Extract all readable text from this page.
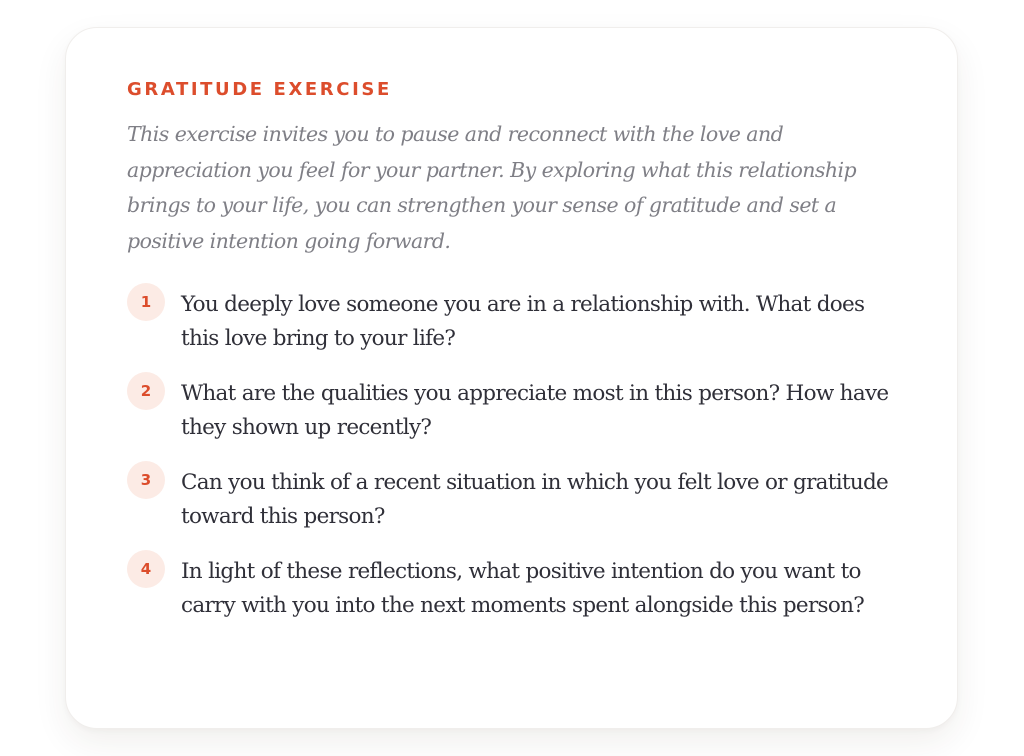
GRATITUDE EXERCISE

This exercise invites you to pause and reconnect with the love and appreciation you feel for your partner. By exploring what this relationship brings to your life, you can strengthen your sense of gratitude and set a positive intention going forward.

1	You deeply love someone you are in a relationship with. What does this love bring to your life?
2	What are the qualities you appreciate most in this person? How have they shown up recently?
3	Can you think of a recent situation in which you felt love or gratitude toward this person?
4	In light of these reflections, what positive intention do you want to carry with you into the next moments spent alongside this person?
